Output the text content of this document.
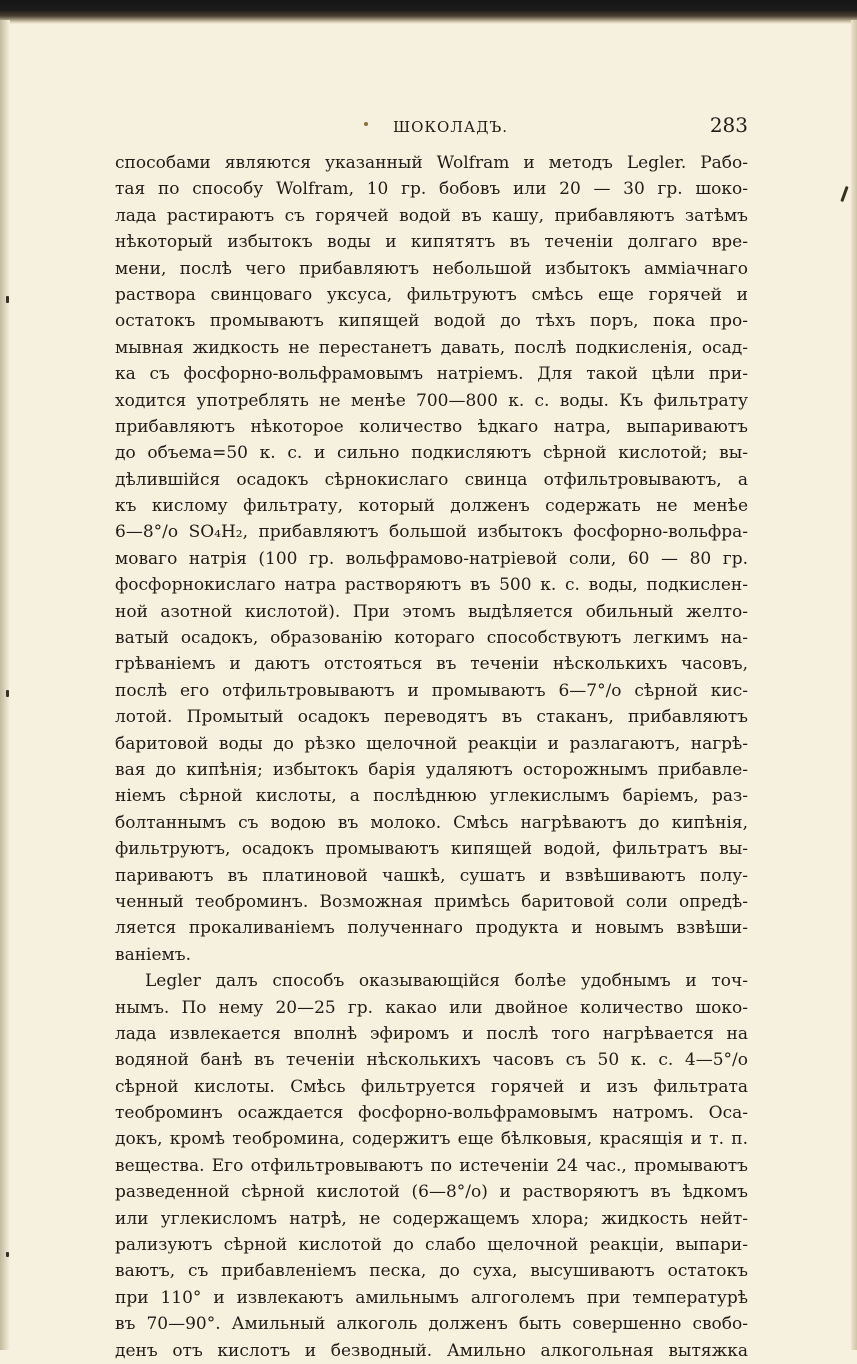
ШОКОЛАДЪ.	283
способами являются указанный Wolfram и методъ Legler. Рабо-
тая по способу Wolfram, 10 гр. бобовъ или 20 — 30 гр. шоко-
лада растираютъ съ горячей водой въ кашу, прибавляютъ затѣмъ
нѣкоторый избытокъ воды и кипятятъ въ теченіи долгаго вре-
мени, послѣ чего прибавляютъ небольшой избытокъ амміачнаго
раствора свинцоваго уксуса, фильтруютъ смѣсь еще горячей и
остатокъ промываютъ кипящей водой до тѣхъ поръ, пока про-
мывная жидкость не перестанетъ давать, послѣ подкисленія, осад-
ка съ фосфорно-вольфрамовымъ натріемъ. Для такой цѣли при-
ходится употреблять не менѣе 700—800 к. с. воды. Къ фильтрату
прибавляютъ нѣкоторое количество ѣдкаго натра, выпариваютъ
до объема=50 к. с. и сильно подкисляютъ сѣрной кислотой; вы-
дѣлившійся осадокъ сѣрнокислаго свинца отфильтровываютъ, а
къ кислому фильтрату, который долженъ содержать не менѣе
6—8°/о SO₄H₂, прибавляютъ большой избытокъ фосфорно-вольфра-
моваго натрія (100 гр. вольфрамово-натріевой соли, 60 — 80 гр.
фосфорнокислаго натра растворяютъ въ 500 к. с. воды, подкислен-
ной азотной кислотой). При этомъ выдѣляется обильный желто-
ватый осадокъ, образованію котораго способствуютъ легкимъ на-
грѣваніемъ и даютъ отстояться въ теченіи нѣсколькихъ часовъ,
послѣ его отфильтровываютъ и промываютъ 6—7°/о сѣрной кис-
лотой. Промытый осадокъ переводятъ въ стаканъ, прибавляютъ
баритовой воды до рѣзко щелочной реакціи и разлагаютъ, нагрѣ-
вая до кипѣнія; избытокъ барія удаляютъ осторожнымъ прибавле-
ніемъ сѣрной кислоты, а послѣднюю углекислымъ баріемъ, раз-
болтаннымъ съ водою въ молоко. Смѣсь нагрѣваютъ до кипѣнія,
фильтруютъ, осадокъ промываютъ кипящей водой, фильтратъ вы-
париваютъ въ платиновой чашкѣ, сушатъ и взвѣшиваютъ полу-
ченный теоброминъ. Возможная примѣсь баритовой соли опредѣ-
ляется прокаливаніемъ полученнаго продукта и новымъ взвѣши-
ваніемъ.
Legler далъ способъ оказывающійся болѣе удобнымъ и точ-
нымъ. По нему 20—25 гр. какао или двойное количество шоко-
лада извлекается вполнѣ эфиромъ и послѣ того нагрѣвается на
водяной банѣ въ теченіи нѣсколькихъ часовъ съ 50 к. с. 4—5°/о
сѣрной кислоты. Смѣсь фильтруется горячей и изъ фильтрата
теоброминъ осаждается фосфорно-вольфрамовымъ натромъ. Оса-
докъ, кромѣ теобромина, содержитъ еще бѣлковыя, красящія и т. п.
вещества. Его отфильтровываютъ по истеченіи 24 час., промываютъ
разведенной сѣрной кислотой (6—8°/о) и растворяютъ въ ѣдкомъ
или углекисломъ натрѣ, не содержащемъ хлора; жидкость нейт-
рализуютъ сѣрной кислотой до слабо щелочной реакціи, выпари-
ваютъ, съ прибавленіемъ песка, до суха, высушиваютъ остатокъ
при 110° и извлекаютъ амильнымъ алгоголемъ при температурѣ
въ 70—90°. Амильный алкоголь долженъ быть совершенно свобо-
денъ отъ кислотъ и безводный. Амильно алкогольная вытяжка
